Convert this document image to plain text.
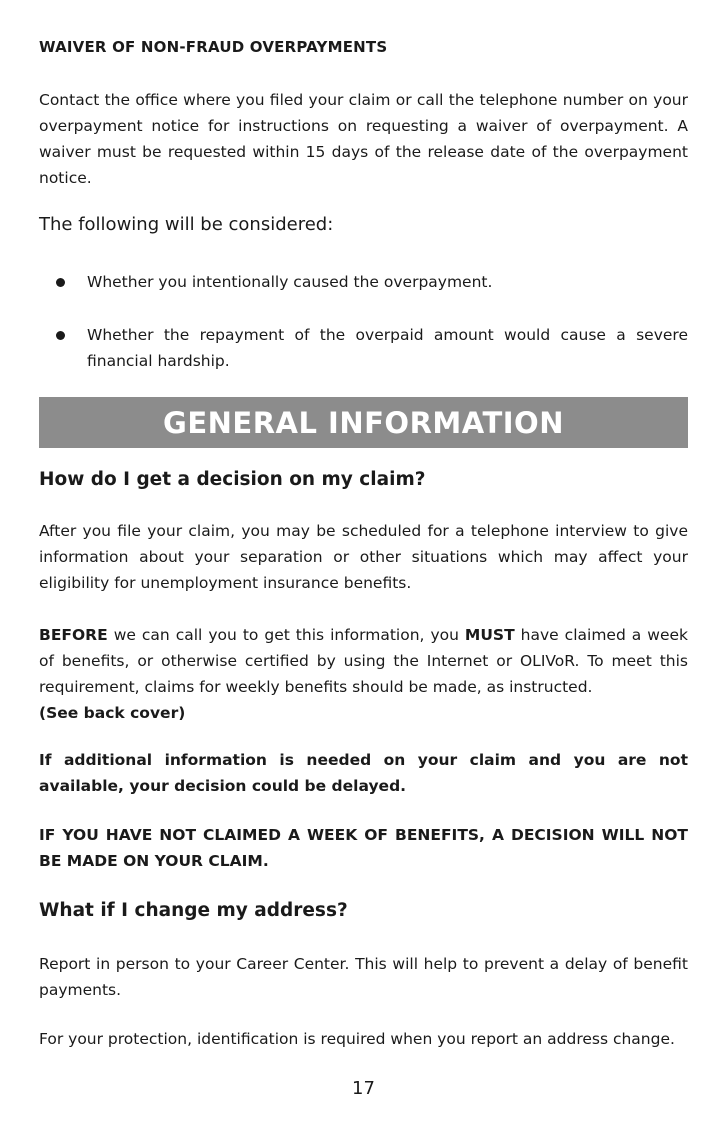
WAIVER OF NON-FRAUD OVERPAYMENTS

Contact the office where you filed your claim or call the telephone number on your overpayment notice for instructions on requesting a waiver of overpayment. A waiver must be requested within 15 days of the release date of the overpayment notice.

The following will be considered:

Whether you intentionally caused the overpayment.

Whether the repayment of the overpaid amount would cause a severe financial hardship.

GENERAL INFORMATION
How do I get a decision on my claim?

After you file your claim, you may be scheduled for a telephone interview to give information about your separation or other situations which may affect your eligibility for unemployment insurance benefits.

BEFORE we can call you to get this information, you MUST have claimed a week of benefits, or otherwise certified by using the Internet or OLIVoR. To meet this requirement, claims for weekly benefits should be made, as instructed.
(See back cover)

If additional information is needed on your claim and you are not available, your decision could be delayed.

IF YOU HAVE NOT CLAIMED A WEEK OF BENEFITS, A DECISION WILL NOT BE MADE ON YOUR CLAIM.

What if I change my address?

Report in person to your Career Center. This will help to prevent a delay of benefit payments.

For your protection, identification is required when you report an address change.

17
